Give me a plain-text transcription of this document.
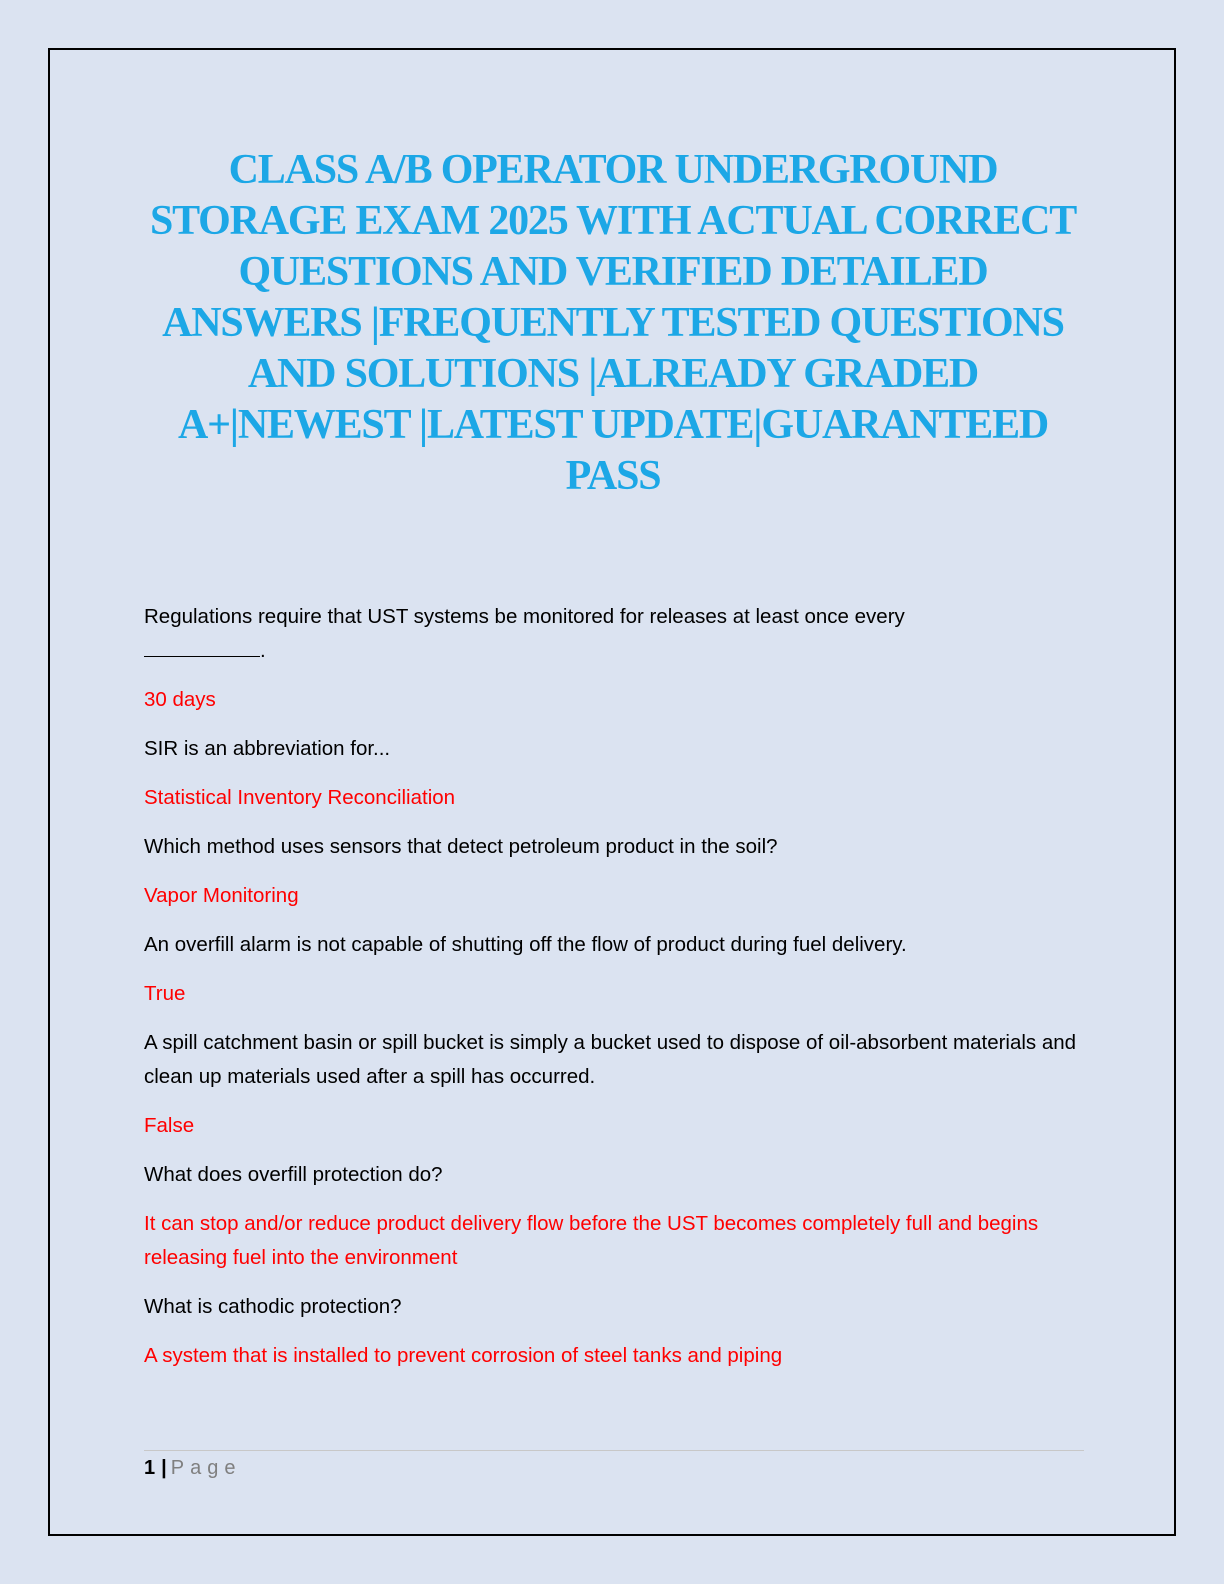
CLASS A/B OPERATOR UNDERGROUND STORAGE EXAM 2025 WITH ACTUAL CORRECT QUESTIONS AND VERIFIED DETAILED ANSWERS |FREQUENTLY TESTED QUESTIONS AND SOLUTIONS |ALREADY GRADED A+|NEWEST |LATEST UPDATE|GUARANTEED PASS

Regulations require that UST systems be monitored for releases at least once every
.

30 days

SIR is an abbreviation for...

Statistical Inventory Reconciliation

Which method uses sensors that detect petroleum product in the soil?

Vapor Monitoring

An overfill alarm is not capable of shutting off the flow of product during fuel delivery.

True

A spill catchment basin or spill bucket is simply a bucket used to dispose of oil-absorbent materials and clean up materials used after a spill has occurred.

False

What does overfill protection do?

It can stop and/or reduce product delivery flow before the UST becomes completely full and begins releasing fuel into the environment

What is cathodic protection?

A system that is installed to prevent corrosion of steel tanks and piping

1 | Page
